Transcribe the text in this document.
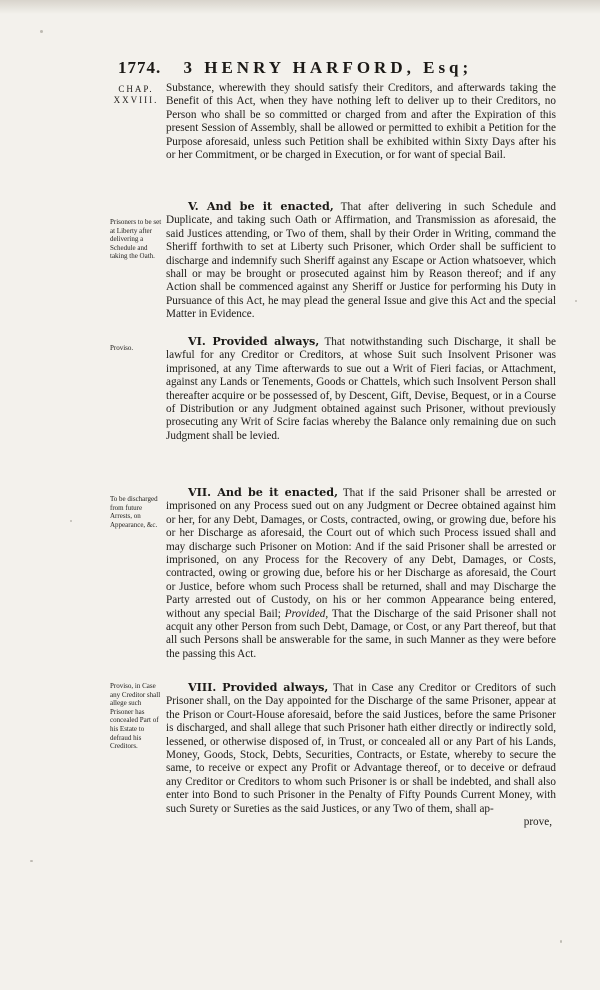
1774. 3 HENRY HARFORD, Esq;
CHAP.
XXVIII.

Substance, wherewith they should satisfy their Creditors, and afterwards taking the Benefit of this Act, when they have nothing left to deliver up to their Creditors, no Person who shall be so committed or charged from and after the Expiration of this present Session of Assembly, shall be allowed or permitted to exhibit a Petition for the Purpose aforesaid, unless such Petition shall be exhibited within Sixty Days after his or her Commitment, or be charged in Execution, or for want of special Bail.

Prisoners to be set at Liberty after delivering a Schedule and taking the Oath.

V. And be it enacted, That after delivering in such Schedule and Duplicate, and taking such Oath or Affirmation, and Transmission as aforesaid, the said Justices attending, or Two of them, shall by their Order in Writing, command the Sheriff forthwith to set at Liberty such Prisoner, which Order shall be sufficient to discharge and indemnify such Sheriff against any Escape or Action whatsoever, which shall or may be brought or prosecuted against him by Reason thereof; and if any Action shall be commenced against any Sheriff or Justice for performing his Duty in Pursuance of this Act, he may plead the general Issue and give this Act and the special Matter in Evidence.

Proviso.	VI. Provided always, That notwithstanding such Discharge, it shall be lawful for any Creditor or Creditors, at whose Suit such Insolvent Prisoner was imprisoned, at any Time afterwards to sue out a Writ of Fieri facias, or Attachment, against any Lands or Tenements, Goods or Chattels, which such Insolvent Person shall thereafter acquire or be possessed of, by Descent, Gift, Devise, Bequest, or in a Course of Distribution or any Judgment obtained against such Prisoner, without previously prosecuting any Writ of Scire facias whereby the Balance only remaining due on such Judgment shall be levied.

To be discharged from future Arrests, on Appearance, &c.

VII. And be it enacted, That if the said Prisoner shall be arrested or imprisoned on any Process sued out on any Judgment or Decree obtained against him or her, for any Debt, Damages, or Costs, contracted, owing, or growing due, before his or her Discharge as aforesaid, the Court out of which such Process issued shall and may discharge such Prisoner on Motion: And if the said Prisoner shall be arrested or imprisoned, on any Process for the Recovery of any Debt, Damages, or Costs, contracted, owing or growing due, before his or her Discharge as aforesaid, the Court or Justice, before whom such Process shall be returned, shall and may Discharge the Party arrested out of Custody, on his or her common Appearance being entered, without any special Bail; Provided, That the Discharge of the said Prisoner shall not acquit any other Person from such Debt, Damage, or Cost, or any Part thereof, but that all such Persons shall be answerable for the same, in such Manner as they were before the passing this Act.

Proviso, in Case any Creditor shall allege such Prisoner has concealed Part of his Estate to defraud his Creditors.

VIII. Provided always, That in Case any Creditor or Creditors of such Prisoner shall, on the Day appointed for the Discharge of the same Prisoner, appear at the Prison or Court-House aforesaid, before the said Justices, before the same Prisoner is discharged, and shall allege that such Prisoner hath either directly or indirectly sold, lessened, or otherwise disposed of, in Trust, or concealed all or any Part of his Lands, Money, Goods, Stock, Debts, Securities, Contracts, or Estate, whereby to secure the same, to receive or expect any Profit or Advantage thereof, or to deceive or defraud any Creditor or Creditors to whom such Prisoner is or shall be indebted, and shall also enter into Bond to such Prisoner in the Penalty of Fifty Pounds Current Money, with such Surety or Sureties as the said Justices, or any Two of them, shall ap-

prove,
